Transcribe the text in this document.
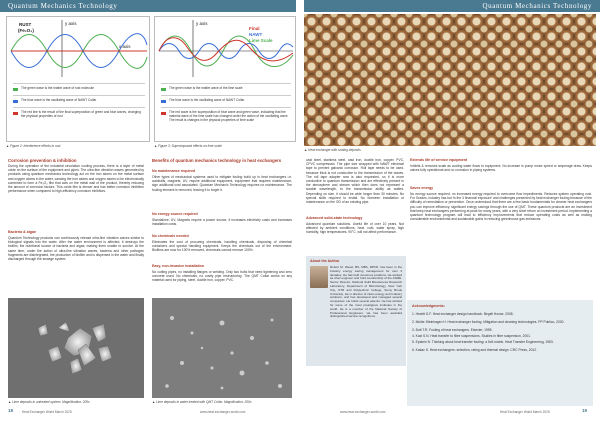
Quantum Mechanics Technology	Quantum Mechanics Technology
RUST
(Fe₂O₃)
y axis
x axis
The green wave is the matter wave of rust molecule
The blue wave is the oscillating wave of NAWT Collar
The red line is the result of the final superposition of green and blue waves, changing the physical properties of rust
▲ Figure 2: Interference effects in rust
y axis
Final
NAWT
Lime Scale
The green wave is the matter wave of the lime scale
The blue wave is the oscillating wave of NAWT Collar
The red wave is the superposition of blue wave and green wave, indicating that the material wave of the lime scale has changed under the action of the oscillating wave. The result is changes in the physical properties of lime scale
▲ Figure 3: Superimposed effects on lime scale
▲ Heat exchanger with scaling deposits
Corrosion prevention & inhibition
During the operation of the industrial circulation cooling process, there is a layer of metal oxide on the surface of the equipment and pipes. The ultra-fine vibration waves generated by products using quantum mechanics technology act on the iron atoms on the metal surface and oxygen atoms in the water, causing the iron atoms and oxygen atoms to be electronically combined to form a Fe₃O₄ film that acts on the metal wall of the product, thereby reducing the amount of corrosion factors. This oxide film is denser and has better corrosion inhibition performance when compared to high-efficiency corrosion inhibitors.
Bacteria & algae
Quantum Technology products can continuously release ultra-fine vibration waves similar to biological signals into the water. After the water environment is affected, it destroys the biofilm, the nutritional source of bacteria and algae, making them unable to survive. At the same time, under the action of ultra-fine vibration waves, bacteria and other pathogen fragments are disintegrated, the production of biofilm and is dispersed in the water and finally discharged through the sewage system.
▲ Lime deposits in untreated system. Magnification: 200x
Benefits of quantum mechanics technology in heat exchangers
No maintenance required
Other types of mechanical systems used to mitigate fouling build up in heat exchangers i.e. autoballs, magnets, UV, require additional equipment, equipment that requires maintenance, sign additional cost associated. Quantum Mechanic Technology requires no maintenance. The fouling element is removed, leaving it to forget it.
No energy source required
Standalone. UV, Magnets require a power source, it increases electricity costs and increases installation costs.
No chemicals needed
Eliminates the cost of procuring chemicals, handling chemicals, disposing of chemical containers and special handling equipment. Keeps the chemicals out of the environment. Biofilms are now for 100% removed, chemicals cannot remove 100%.
Easy, non-invasive installation
No cutting pipes, no installing flanges or welding. Only two bolts that need tightening and zero concrete used. No chemicals, no costly pipe restructuring. The QMT Collar works on any material used for piping, steel, ductile iron, copper, PVC.
▲ Lime deposits in water treated with QMT Collar. Magnification: 200x
cast steel, stainless steel, cast iron, ductile iron, copper, PVC, CPVC compressed. The pipe size wrapped with NAWT electrical tape to prevent galvanic corrosion. Roll tape needs to be used, because thick is not conductive to the transmission of the waves. The roll tape adapter now is also requested, so it is more conductive to quantum transmission and are effectively present in the atmosphere and stream which then does not represent a sizable wavelength, to the transmission ability as walled. Depending on size, it should be wide longer than 30 minutes. No special skills required to install. No foreseen installation or maintenance on the OD of an existing pipe.
Advanced solid-state technology
Advanced quantum solutions. Useful life of over 10 years. Not affected by ambient conditions, heat, cold, water spray, high humidity, high temperatures. 90°C, will not affect performance.
About the Author
Robert M. Wesel, BS, MBA, MPhD, has been in the industry energy saving management for over 3 decades. He has held numerous positions. He worked as chief engineer and hold membership of the ASME. Senior Director, National Solid Biosciences Research Laboratory, Department of Microbiology, New York City, OTR and Polytechnic College, Stony Brook University. He is director of clean energy and industry solutions, and has developed and managed several companies. He holds several patents. He has worked for some of the most prestigious institutes in the world. He is a member of the National Society of Professional Engineers. He has been awarded distinguished service recognitions.
Extends life of service equipment
Inhibits & removes scale as cooling water flows to equipment. No increase in pump motor speed or amperage draw. Keeps valves fully operational and no corrosion in piping systems.
Saves energy
No energy source required, no increased energy required to overcome flow impediments. Reduces system operating cost. For Grades, industry has but 'is the 3 financial exposure' and challenges presented by heat exchanger fouling because of the difficulty of remediation or prevention. Once understood that there are a few basic fundamentals for cleaner heat exchangers you can improve efficiency, significant energy savings through the use of QMT. These quantum products are an investment that keep heat exchangers performing at peak for many years, with a very short return on investment period. Implementing a quantum technology program will lead to efficiency improvements that reduce operating costs as well as making considerable environmental and sustainable gains in reducing greenhouse gas emissions.
Acknowledgments:
1. Hewitt G.F. Heat exchanger design handbook. Begell House, 2008.
2. Muller-Steinhagen H. Heat exchanger fouling. Mitigation and cleaning technologies. PP Publico, 2000.
3. Bott T.R. Fouling of heat exchangers. Elsevier, 1995.
4. Kazi S.N. Heat transfer to fibre suspensions. Studies in fibre suspension, 2001.
5. Epstein N. Thinking about heat transfer fouling: a 5x5 matrix. Heat Transfer Engineering, 1983.
6. Kakac S. Heat exchangers: selection, rating and thermal design. CRC Press, 2012.
18	Heat Exchanger World March 2025	www.heat-exchanger-world.com	www.heat-exchanger-world.com	Heat Exchanger World March 2025	19
